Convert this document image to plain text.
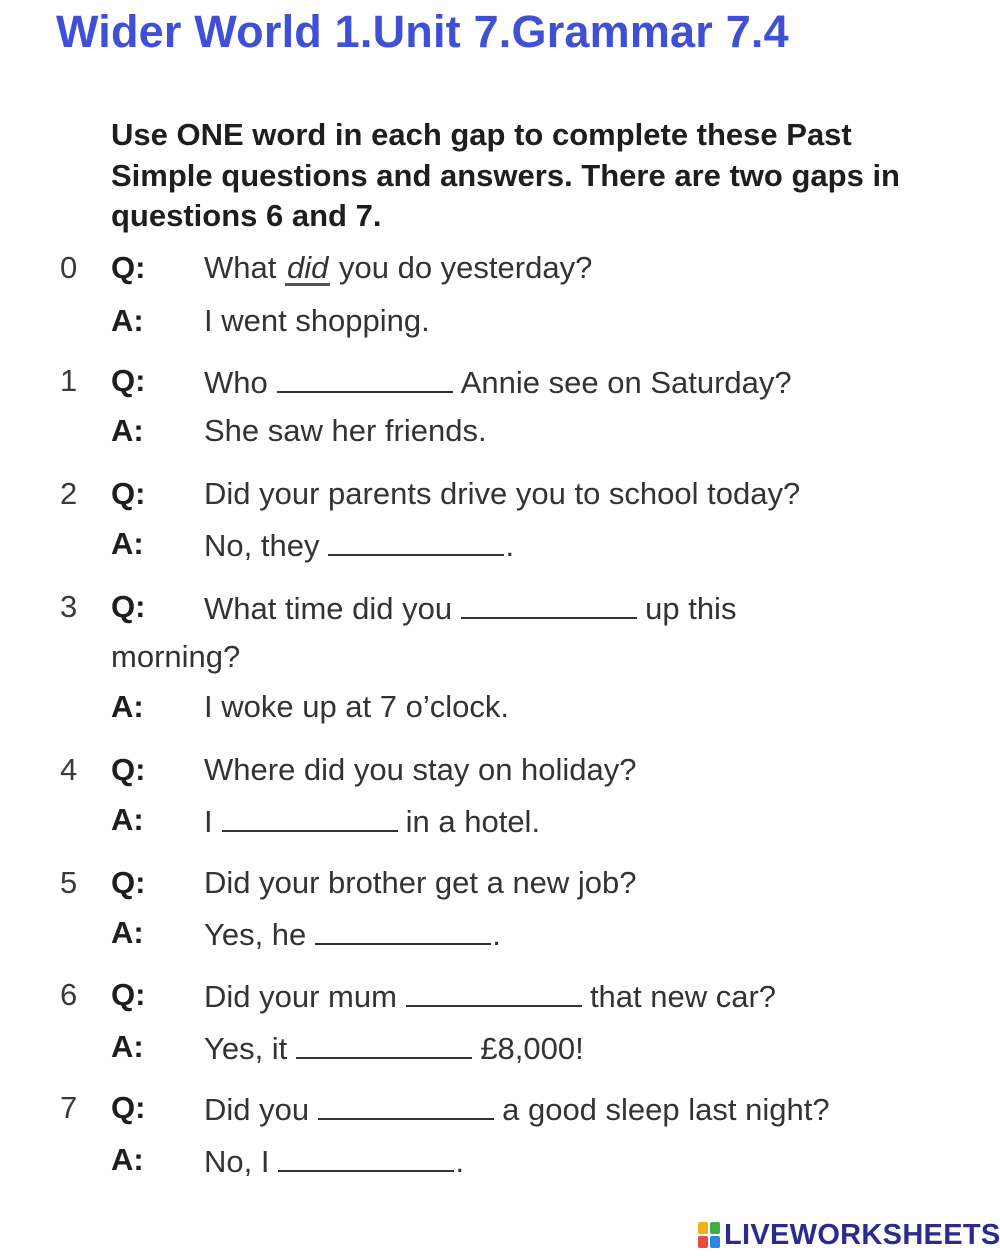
Wider World 1.Unit 7.Grammar 7.4
Use ONE word in each gap to complete these Past Simple questions and answers. There are two gaps in questions 6 and 7.
0 Q: What did you do yesterday?
A: I went shopping.
1 Q: Who	Annie see on Saturday?
A: She saw her friends.
2 Q: Did your parents drive you to school today?
A: No, they	.
3 Q: What time did you	up this
morning?
A: I woke up at 7 o’clock.
4 Q: Where did you stay on holiday?
A: I	in a hotel.
5 Q: Did your brother get a new job?
A: Yes, he	.
6 Q: Did your mum	that new car?
A: Yes, it	£8,000!
7 Q: Did you	a good sleep last night?
A: No, I	.
LIVEWORKSHEETS
